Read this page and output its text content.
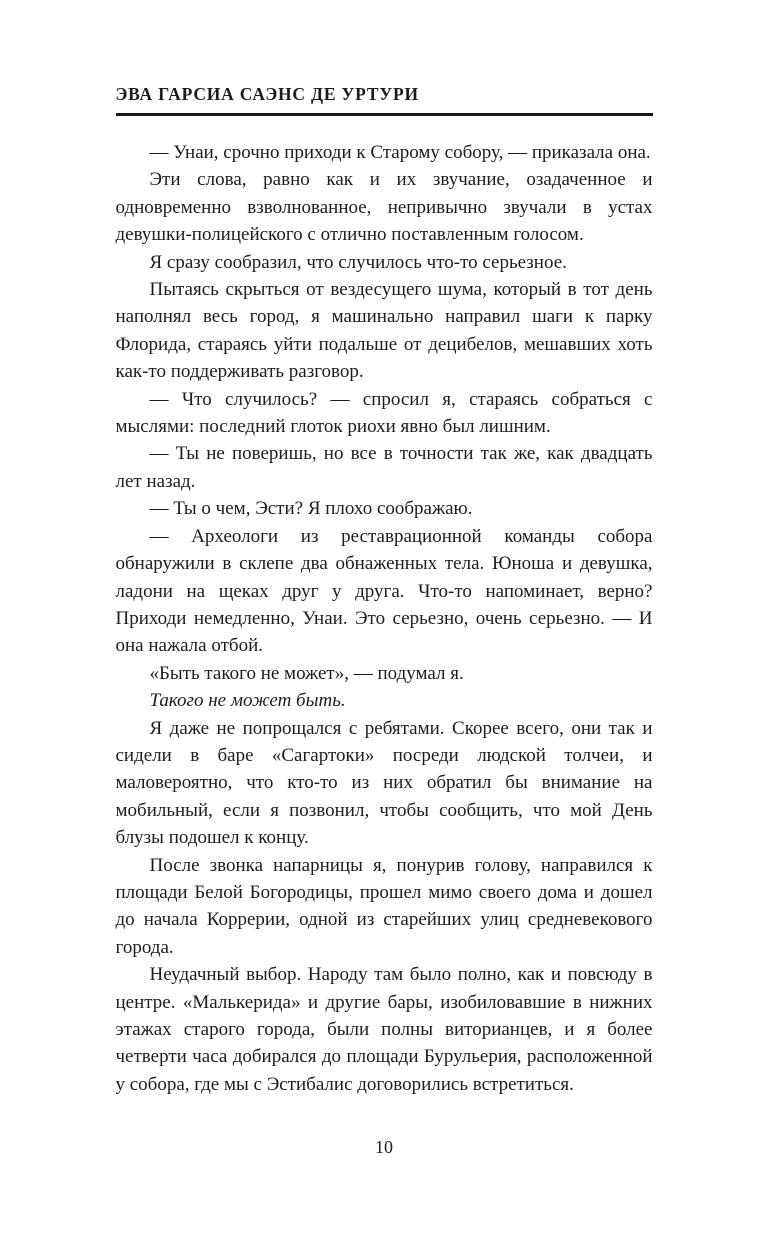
ЭВА ГАРСИА САЭНС ДЕ УРТУРИ

— Унаи, срочно приходи к Старому собору, — приказала она.

Эти слова, равно как и их звучание, озадаченное и одновременно взволнованное, непривычно звучали в устах девушки-полицейского с отлично поставленным голосом.

Я сразу сообразил, что случилось что-то серьезное.

Пытаясь скрыться от вездесущего шума, который в тот день наполнял весь город, я машинально направил шаги к парку Флорида, стараясь уйти подальше от децибелов, мешавших хоть как-то поддерживать разговор.

— Что случилось? — спросил я, стараясь собраться с мыслями: последний глоток риохи явно был лишним.

— Ты не поверишь, но все в точности так же, как двадцать лет назад.

— Ты о чем, Эсти? Я плохо соображаю.

— Археологи из реставрационной команды собора обнаружили в склепе два обнаженных тела. Юноша и девушка, ладони на щеках друг у друга. Что-то напоминает, верно? Приходи немедленно, Унаи. Это серьезно, очень серьезно. — И она нажала отбой.

«Быть такого не может», — подумал я.

Такого не может быть.

Я даже не попрощался с ребятами. Скорее всего, они так и сидели в баре «Сагартоки» посреди людской толчеи, и маловероятно, что кто-то из них обратил бы внимание на мобильный, если я позвонил, чтобы сообщить, что мой День блузы подошел к концу.

После звонка напарницы я, понурив голову, направился к площади Белой Богородицы, прошел мимо своего дома и дошел до начала Коррерии, одной из старейших улиц средневекового города.

Неудачный выбор. Народу там было полно, как и повсюду в центре. «Малькерида» и другие бары, изобиловавшие в нижних этажах старого города, были полны виторианцев, и я более четверти часа добирался до площади Бурульерия, расположенной у собора, где мы с Эстибалис договорились встретиться.

10
